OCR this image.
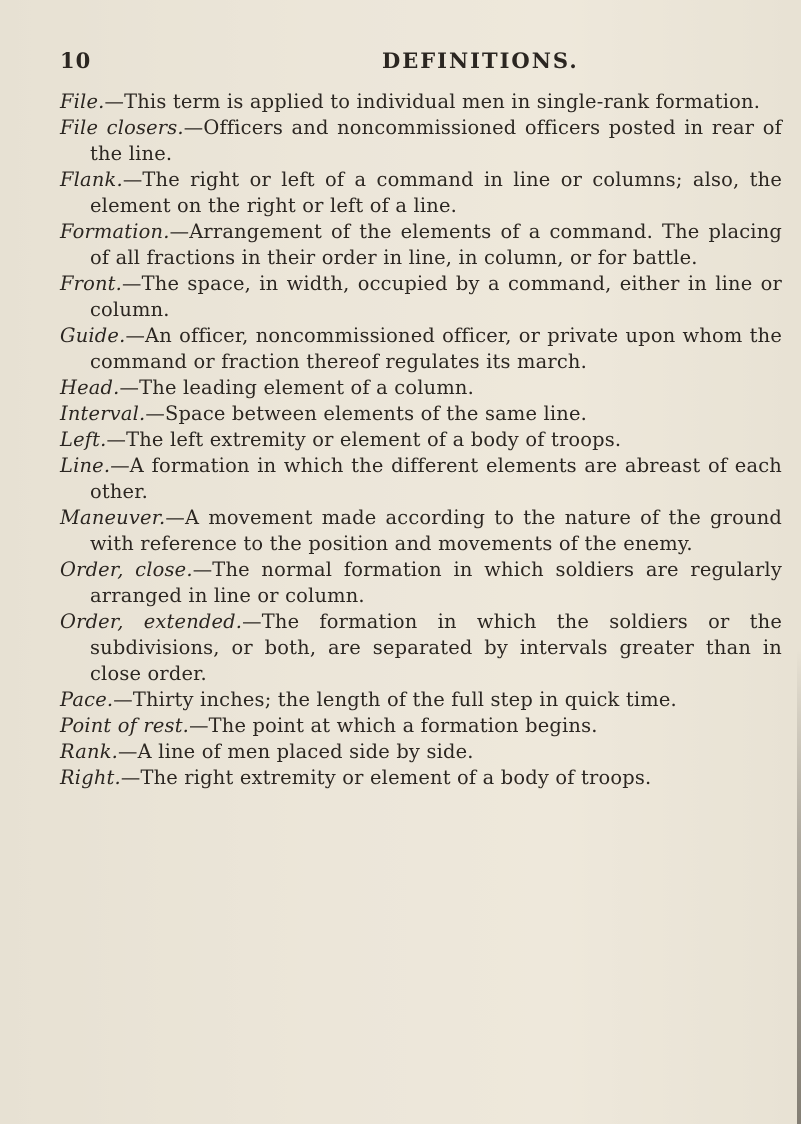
10	DEFINITIONS.
File.—This term is applied to individual men in single-rank formation.
File closers.—Officers and noncommissioned officers posted in rear of the line.
Flank.—The right or left of a command in line or columns; also, the element on the right or left of a line.
Formation.—Arrangement of the elements of a command. The placing of all fractions in their order in line, in column, or for battle.
Front.—The space, in width, occupied by a command, either in line or column.
Guide.—An officer, noncommissioned officer, or private upon whom the command or fraction thereof regulates its march.
Head.—The leading element of a column.
Interval.—Space between elements of the same line.
Left.—The left extremity or element of a body of troops.
Line.—A formation in which the different elements are abreast of each other.
Maneuver.—A movement made according to the nature of the ground with reference to the position and movements of the enemy.
Order, close.—The normal formation in which soldiers are regularly arranged in line or column.
Order, extended.—The formation in which the soldiers or the subdivisions, or both, are separated by intervals greater than in close order.
Pace.—Thirty inches; the length of the full step in quick time.
Point of rest.—The point at which a formation begins.
Rank.—A line of men placed side by side.
Right.—The right extremity or element of a body of troops.
